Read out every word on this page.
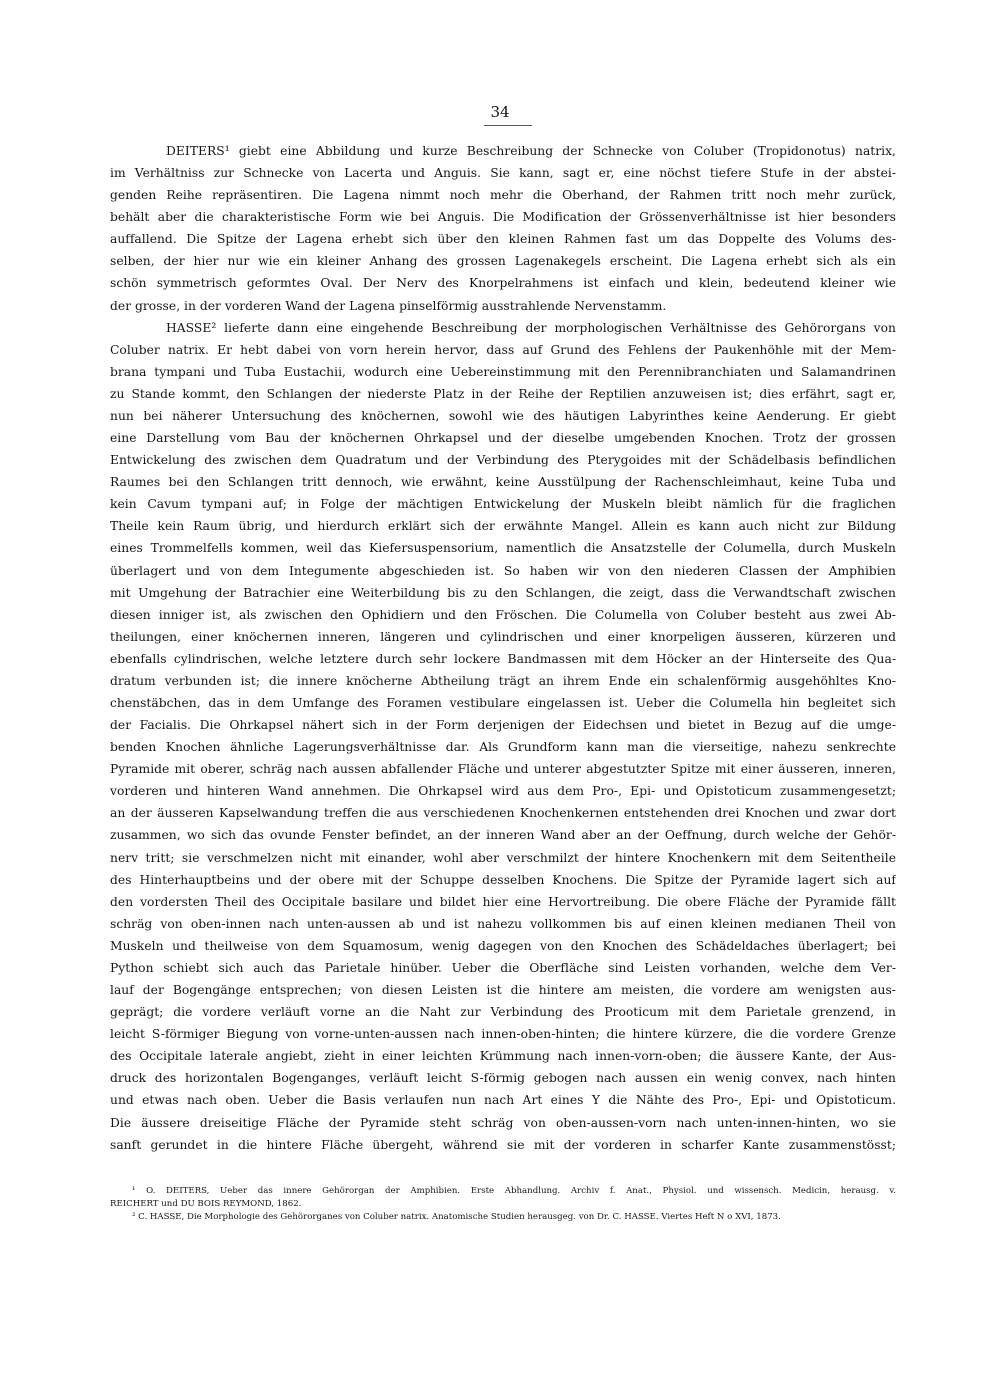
34
DEITERS¹ giebt eine Abbildung und kurze Beschreibung der Schnecke von Coluber (Tropidonotus) natrix,
im Verhältniss zur Schnecke von Lacerta und Anguis. Sie kann, sagt er, eine nöchst tiefere Stufe in der abstei-
genden Reihe repräsentiren. Die Lagena nimmt noch mehr die Oberhand, der Rahmen tritt noch mehr zurück,
behält aber die charakteristische Form wie bei Anguis. Die Modification der Grössenverhältnisse ist hier besonders
auffallend. Die Spitze der Lagena erhebt sich über den kleinen Rahmen fast um das Doppelte des Volums des-
selben, der hier nur wie ein kleiner Anhang des grossen Lagenakegels erscheint. Die Lagena erhebt sich als ein
schön symmetrisch geformtes Oval. Der Nerv des Knorpelrahmens ist einfach und klein, bedeutend kleiner wie
der grosse, in der vorderen Wand der Lagena pinselförmig ausstrahlende Nervenstamm.
HASSE² lieferte dann eine eingehende Beschreibung der morphologischen Verhältnisse des Gehörorgans von
Coluber natrix. Er hebt dabei von vorn herein hervor, dass auf Grund des Fehlens der Paukenhöhle mit der Mem-
brana tympani und Tuba Eustachii, wodurch eine Uebereinstimmung mit den Perennibranchiaten und Salamandrinen
zu Stande kommt, den Schlangen der niederste Platz in der Reihe der Reptilien anzuweisen ist; dies erfährt, sagt er,
nun bei näherer Untersuchung des knöchernen, sowohl wie des häutigen Labyrinthes keine Aenderung. Er giebt
eine Darstellung vom Bau der knöchernen Ohrkapsel und der dieselbe umgebenden Knochen. Trotz der grossen
Entwickelung des zwischen dem Quadratum und der Verbindung des Pterygoides mit der Schädelbasis befindlichen
Raumes bei den Schlangen tritt dennoch, wie erwähnt, keine Ausstülpung der Rachenschleimhaut, keine Tuba und
kein Cavum tympani auf; in Folge der mächtigen Entwickelung der Muskeln bleibt nämlich für die fraglichen
Theile kein Raum übrig, und hierdurch erklärt sich der erwähnte Mangel. Allein es kann auch nicht zur Bildung
eines Trommelfells kommen, weil das Kiefersuspensorium, namentlich die Ansatzstelle der Columella, durch Muskeln
überlagert und von dem Integumente abgeschieden ist. So haben wir von den niederen Classen der Amphibien
mit Umgehung der Batrachier eine Weiterbildung bis zu den Schlangen, die zeigt, dass die Verwandtschaft zwischen
diesen inniger ist, als zwischen den Ophidiern und den Fröschen. Die Columella von Coluber besteht aus zwei Ab-
theilungen, einer knöchernen inneren, längeren und cylindrischen und einer knorpeligen äusseren, kürzeren und
ebenfalls cylindrischen, welche letztere durch sehr lockere Bandmassen mit dem Höcker an der Hinterseite des Qua-
dratum verbunden ist; die innere knöcherne Abtheilung trägt an ihrem Ende ein schalenförmig ausgehöhltes Kno-
chenstäbchen, das in dem Umfange des Foramen vestibulare eingelassen ist. Ueber die Columella hin begleitet sich
der Facialis. Die Ohrkapsel nähert sich in der Form derjenigen der Eidechsen und bietet in Bezug auf die umge-
benden Knochen ähnliche Lagerungsverhältnisse dar. Als Grundform kann man die vierseitige, nahezu senkrechte
Pyramide mit oberer, schräg nach aussen abfallender Fläche und unterer abgestutzter Spitze mit einer äusseren, inneren,
vorderen und hinteren Wand annehmen. Die Ohrkapsel wird aus dem Pro-, Epi- und Opistoticum zusammengesetzt;
an der äusseren Kapselwandung treffen die aus verschiedenen Knochenkernen entstehenden drei Knochen und zwar dort
zusammen, wo sich das ovunde Fenster befindet, an der inneren Wand aber an der Oeffnung, durch welche der Gehör-
nerv tritt; sie verschmelzen nicht mit einander, wohl aber verschmilzt der hintere Knochenkern mit dem Seitentheile
des Hinterhauptbeins und der obere mit der Schuppe desselben Knochens. Die Spitze der Pyramide lagert sich auf
den vordersten Theil des Occipitale basilare und bildet hier eine Hervortreibung. Die obere Fläche der Pyramide fällt
schräg von oben-innen nach unten-aussen ab und ist nahezu vollkommen bis auf einen kleinen medianen Theil von
Muskeln und theilweise von dem Squamosum, wenig dagegen von den Knochen des Schädeldaches überlagert; bei
Python schiebt sich auch das Parietale hinüber. Ueber die Oberfläche sind Leisten vorhanden, welche dem Ver-
lauf der Bogengänge entsprechen; von diesen Leisten ist die hintere am meisten, die vordere am wenigsten aus-
geprägt; die vordere verläuft vorne an die Naht zur Verbindung des Prooticum mit dem Parietale grenzend, in
leicht S-förmiger Biegung von vorne-unten-aussen nach innen-oben-hinten; die hintere kürzere, die die vordere Grenze
des Occipitale laterale angiebt, zieht in einer leichten Krümmung nach innen-vorn-oben; die äussere Kante, der Aus-
druck des horizontalen Bogenganges, verläuft leicht S-förmig gebogen nach aussen ein wenig convex, nach hinten
und etwas nach oben. Ueber die Basis verlaufen nun nach Art eines Y die Nähte des Pro-, Epi- und Opistoticum.
Die äussere dreiseitige Fläche der Pyramide steht schräg von oben-aussen-vorn nach unten-innen-hinten, wo sie
sanft gerundet in die hintere Fläche übergeht, während sie mit der vorderen in scharfer Kante zusammenstösst;
¹ O. DEITERS, Ueber das innere Gehörorgan der Amphibien. Erste Abhandlung. Archiv f. Anat., Physiol. und wissensch. Medicin, herausg. v.
REICHERT und DU BOIS REYMOND, 1862.
² C. HASSE, Die Morphologie des Gehörorganes von Coluber natrix. Anatomische Studien herausgeg. von Dr. C. HASSE. Viertes Heft N o XVI, 1873.
